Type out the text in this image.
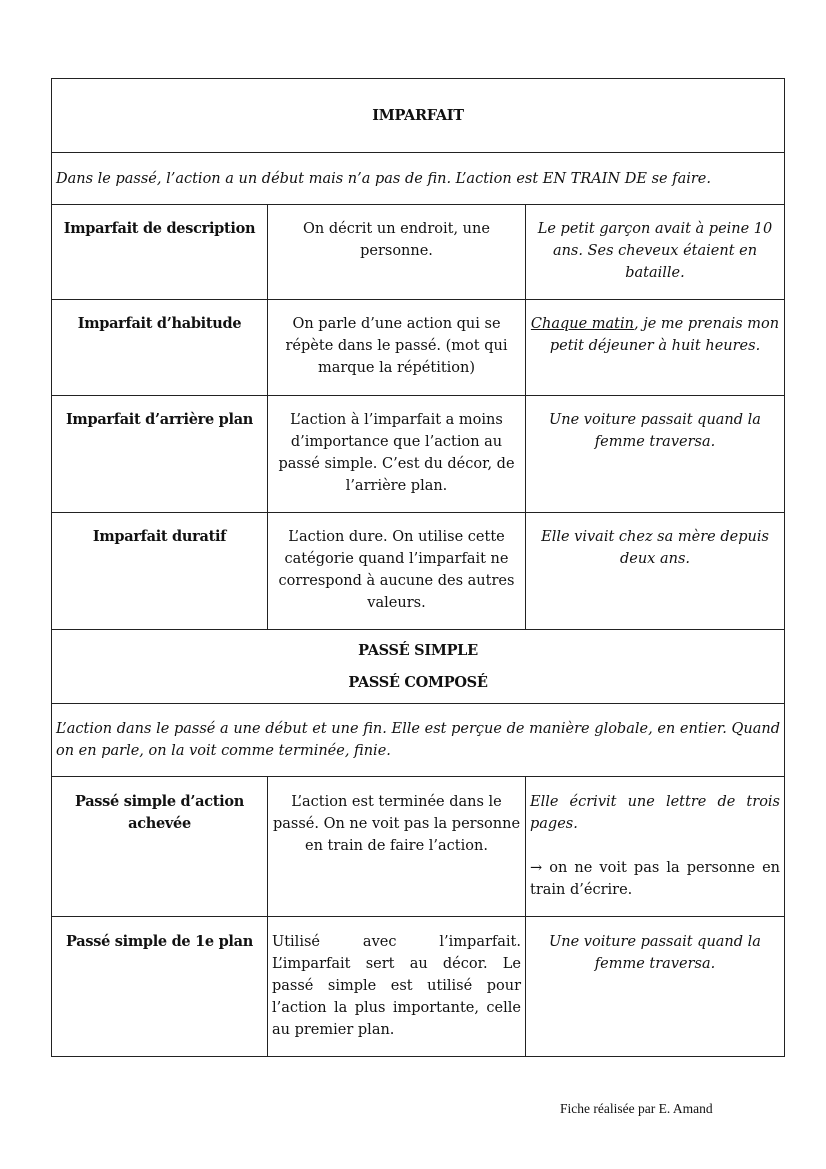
IMPARFAIT		
Dans le passé, l’action a un début mais n’a pas de fin. L’action est EN TRAIN DE se faire.		
Imparfait de description	On décrit un endroit, une personne.	Le petit garçon avait à peine 10 ans. Ses cheveux étaient en bataille.
Imparfait d’habitude	On parle d’une action qui se répète dans le passé. (mot qui marque la répétition)	Chaque matin, je me prenais mon petit déjeuner à huit heures.
Imparfait d’arrière plan	L’action à l’imparfait a moins d’importance que l’action au passé simple. C’est du décor, de l’arrière plan.	Une voiture passait quand la femme traversa.
Imparfait duratif	L’action dure. On utilise cette catégorie quand l’imparfait ne correspond à aucune des autres valeurs.	Elle vivait chez sa mère depuis deux ans.

PASSÉ SIMPLE
PASSÉ COMPOSÉ		

L’action dans le passé a une début et une fin. Elle est perçue de manière globale, en entier. Quand on en parle, on la voit comme terminée, finie.		
Passé simple d’action achevée	L’action est terminée dans le passé. On ne voit pas la personne en train de faire l’action.	Elle écrivit une lettre de trois pages.
→ on ne voit pas la personne en train d’écrire.

Passé simple de 1e plan	Utilisé avec l’imparfait. L’imparfait sert au décor. Le passé simple est utilisé pour l’action la plus importante, celle au premier plan.	Une voiture passait quand la femme traversa.
Fiche réalisée par E. Amand
